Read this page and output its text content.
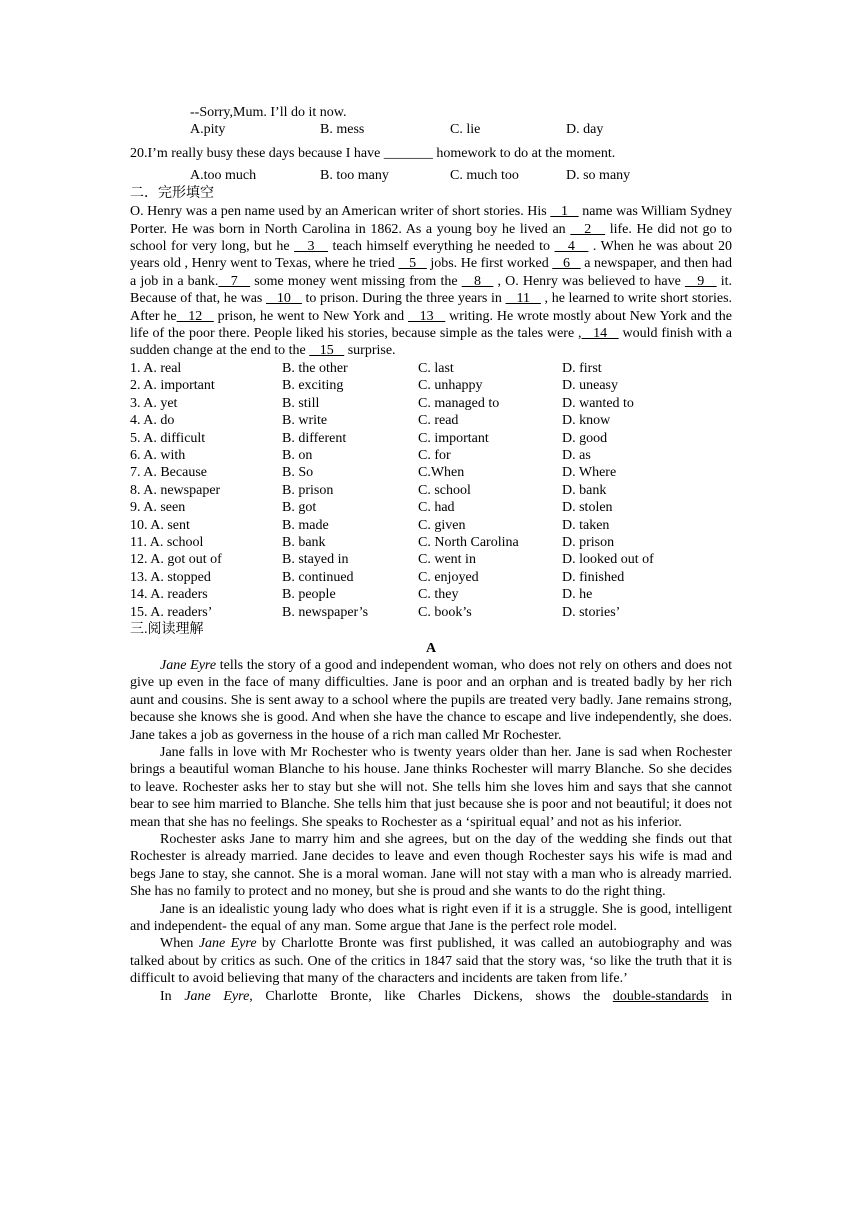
--Sorry,Mum. I’ll do it now.
A.pity	B. mess	C. lie	D. day
20.I’m really busy these days because I have _______ homework to do at the moment.
A.too much	B. too many	C. much too	D. so many
二．完形填空

O. Henry was a pen name used by an American writer of short stories. His    1    name was William Sydney Porter. He was born in North Carolina in 1862. As a young boy he lived an    2    life. He did not go to school for very long, but he    3    teach himself everything he needed to    4    . When he was about 20 years old , Henry went to Texas, where he tried    5    jobs. He first worked    6    a newspaper, and then had a job in a bank.   7    some money went missing from the    8    , O. Henry was believed to have    9    it. Because of that, he was    10    to prison. During the three years in    11    , he learned to write short stories. After he   12    prison, he went to New York and    13    writing. He wrote mostly about New York and the life of the poor there. People liked his stories, because simple as the tales were ,   14    would finish with a sudden change at the end to the    15    surprise.

1. A. real	B. the other	C. last	D. first
2. A. important	B. exciting	C. unhappy	D. uneasy
3. A. yet	B. still	C. managed to	D. wanted to
4. A. do	B. write	C. read	D. know
5. A. difficult	B. different	C. important	D. good
6. A. with	B. on	C. for	D. as
7. A. Because	B. So	C.When	D. Where
8. A. newspaper	B. prison	C. school	D. bank
9. A. seen	B. got	C. had	D. stolen
10. A. sent	B. made	C. given	D. taken
11. A. school	B. bank	C. North Carolina	D. prison
12. A. got out of	B. stayed in	C. went in	D. looked out of
13. A. stopped	B. continued	C. enjoyed	D. finished
14. A. readers	B. people	C. they	D. he
15. A. readers’	B. newspaper’s	C. book’s	D. stories’
三.阅读理解
A

Jane Eyre tells the story of a good and independent woman, who does not rely on others and does not give up even in the face of many difficulties. Jane is poor and an orphan and is treated badly by her rich aunt and cousins. She is sent away to a school where the pupils are treated very badly. Jane remains strong, because she knows she is good. And when she have the chance to escape and live independently, she does. Jane takes a job as governess in the house of a rich man called Mr Rochester.

Jane falls in love with Mr Rochester who is twenty years older than her. Jane is sad when Rochester brings a beautiful woman Blanche to his house. Jane thinks Rochester will marry Blanche. So she decides to leave. Rochester asks her to stay but she will not. She tells him she loves him and says that she cannot bear to see him married to Blanche. She tells him that just because she is poor and not beautiful; it does not mean that she has no feelings. She speaks to Rochester as a ‘spiritual equal’ and not as his inferior.

Rochester asks Jane to marry him and she agrees, but on the day of the wedding she finds out that Rochester is already married. Jane decides to leave and even though Rochester says his wife is mad and begs Jane to stay, she cannot. She is a moral woman. Jane will not stay with a man who is already married. She has no family to protect and no money, but she is proud and she wants to do the right thing.

Jane is an idealistic young lady who does what is right even if it is a struggle. She is good, intelligent and independent- the equal of any man. Some argue that Jane is the perfect role model.

When Jane Eyre by Charlotte Bronte was first published, it was called an autobiography and was talked about by critics as such. One of the critics in 1847 said that the story was, ‘so like the truth that it is difficult to avoid believing that many of the characters and incidents are taken from life.’

In Jane Eyre, Charlotte Bronte, like Charles Dickens, shows the double-standards in
